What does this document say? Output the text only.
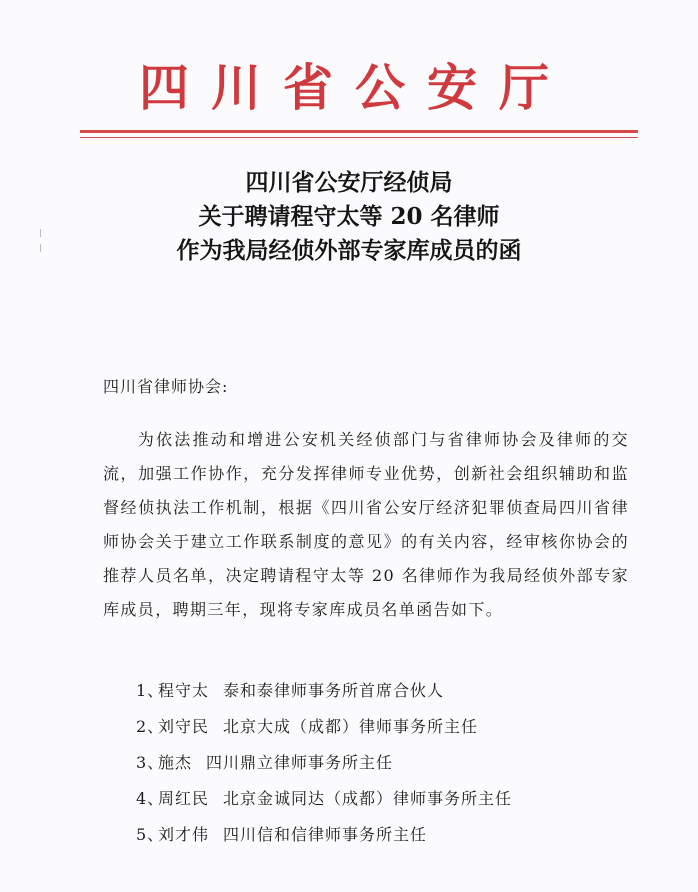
四川省公安厅
四川省公安厅经侦局
关于聘请程守太等 20 名律师
作为我局经侦外部专家库成员的函
四川省律师协会:
为依法推动和增进公安机关经侦部门与省律师协会及律师的交流，加强工作协作，充分发挥律师专业优势，创新社会组织辅助和监督经侦执法工作机制，根据《四川省公安厅经济犯罪侦查局四川省律师协会关于建立工作联系制度的意见》的有关内容，经审核你协会的推荐人员名单，决定聘请程守太等 20 名律师作为我局经侦外部专家库成员，聘期三年，现将专家库成员名单函告如下。
1、程守太 泰和泰律师事务所首席合伙人
2、刘守民 北京大成（成都）律师事务所主任
3、施杰 四川鼎立律师事务所主任
4、周红民 北京金诚同达（成都）律师事务所主任
5、刘才伟 四川信和信律师事务所主任
